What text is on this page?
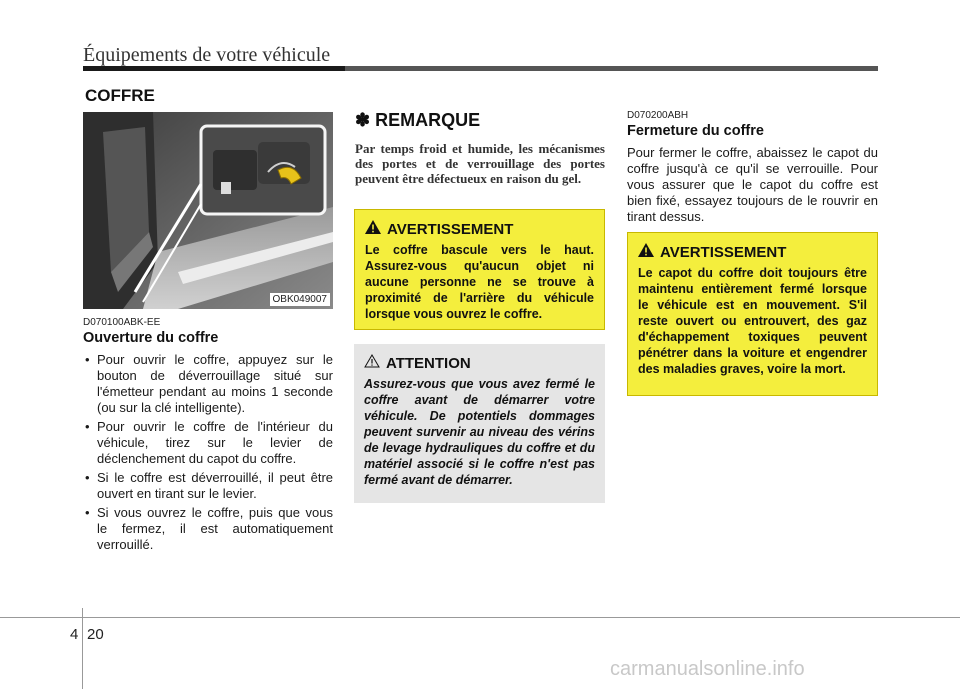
Équipements de votre véhicule
COFFRE
OBK049007
D070100ABK-EE
Ouverture du coffre
• Pour ouvrir le coffre, appuyez sur le bouton de déverrouillage situé sur l'émetteur pendant au moins 1 seconde (ou sur la clé intelligente).
• Pour ouvrir le coffre de l'intérieur du véhicule, tirez sur le levier de déclenchement du capot du coffre.
• Si le coffre est déverrouillé, il peut être ouvert en tirant sur le levier.
• Si vous ouvrez le coffre, puis que vous le fermez, il est automatiquement verrouillé.
✽ REMARQUE
Par temps froid et humide, les mécanismes des portes et de verrouillage des portes peuvent être défectueux en raison du gel.
AVERTISSEMENT
Le coffre bascule vers le haut. Assurez-vous qu'aucun objet ni aucune personne ne se trouve à proximité de l'arrière du véhicule lorsque vous ouvrez le coffre.
ATTENTION
Assurez-vous que vous avez fermé le coffre avant de démarrer votre véhicule. De potentiels dommages peuvent survenir au niveau des vérins de levage hydrauliques du coffre et du matériel associé si le coffre n'est pas fermé avant de démarrer.
D070200ABH
Fermeture du coffre
Pour fermer le coffre, abaissez le capot du coffre jusqu'à ce qu'il se verrouille. Pour vous assurer que le capot du coffre est bien fixé, essayez toujours de le rouvrir en tirant dessus.
AVERTISSEMENT
Le capot du coffre doit toujours être maintenu entièrement fermé lorsque le véhicule est en mouvement. S'il reste ouvert ou entrouvert, des gaz d'échappement toxiques peuvent pénétrer dans la voiture et engendrer des maladies graves, voire la mort.
4 20
carmanualsonline.info
